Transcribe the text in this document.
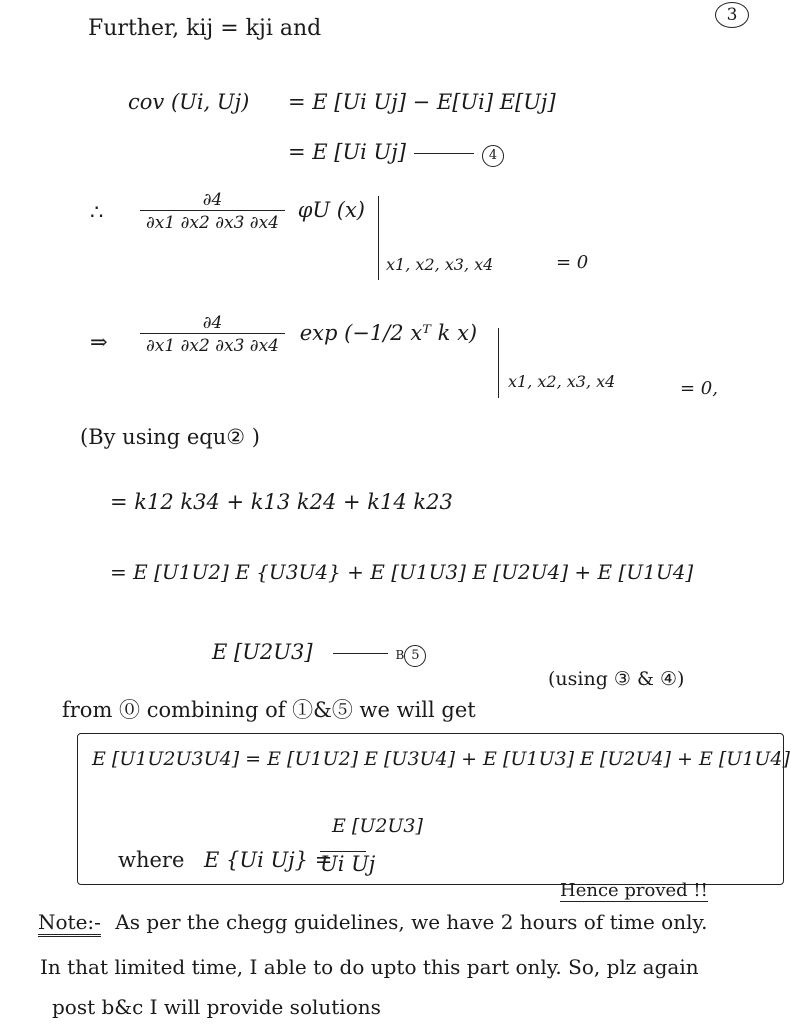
3
Further, kij = kji and
cov (Ui, Uj) = E [Ui Uj] − E[Ui] E[Uj]
= E [Ui Uj]	4
∴ $\frac{\partial 4}{\partial x1 \partial x2 \partial x3 \partial x4}$ φU (x)
x1, x2, x3, x4	= 0
⇒ $\frac{\partial 4}{\partial x1 \partial x2 \partial x3 \partial x4}$ exp (−1/2 xᵀ k x)
x1, x2, x3, x4	= 0,
(By using equ② )
= k12 k34 + k13 k24 + k14 k23
= E [U1U2] E {U3U4} + E [U1U3] E [U2U4] + E [U1U4]
E [U2U3]	B 5
(using ③ & ④)
from ⓪ combining of ①&⑤ we will get
E [U1U2U3U4] = E [U1U2] E [U3U4] + E [U1U3] E [U2U4] + E [U1U4]
E [U2U3]
where E {Ui Uj} =
Ui Uj
Hence proved !!
Note:- As per the chegg guidelines, we have 2 hours of time only.
In that limited time, I able to do upto this part only. So, plz again
post b&c I will provide solutions
